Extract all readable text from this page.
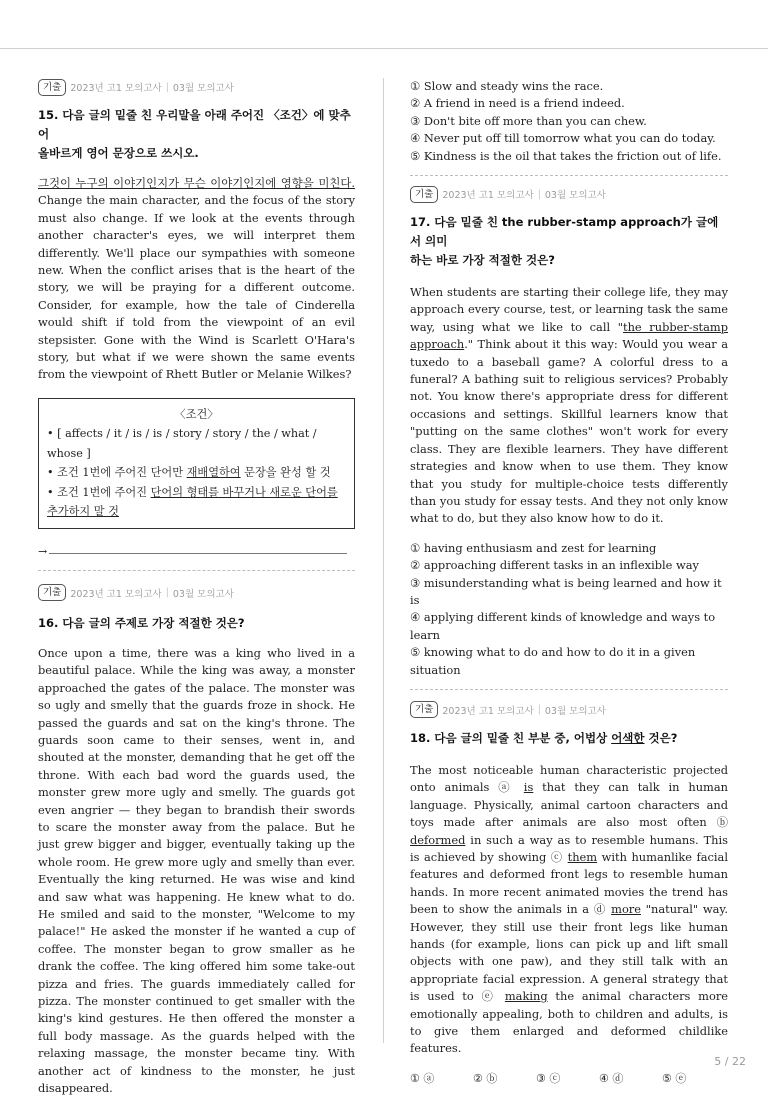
기출 2023년 고1 모의고사 | 03월 모의고사
15. 다음 글의 밑줄 친 우리말을 아래 주어진 〈조건〉에 맞추어
올바르게 영어 문장으로 쓰시오.

그것이 누구의 이야기인지가 무슨 이야기인지에 영향을 미친다. Change the main character, and the focus of the story must also change. If we look at the events through another character's eyes, we will interpret them differently. We'll place our sympathies with someone new. When the conflict arises that is the heart of the story, we will be praying for a different outcome. Consider, for example, how the tale of Cinderella would shift if told from the viewpoint of an evil stepsister. Gone with the Wind is Scarlett O'Hara's story, but what if we were shown the same events from the viewpoint of Rhett Butler or Melanie Wilkes?

〈조건〉
• [ affects / it / is / is / story / story / the / what / whose ]
• 조건 1번에 주어진 단어만 재배열하여 문장을 완성 할 것
• 조건 1번에 주어진 단어의 형태를 바꾸거나 새로운 단어를 추가하지 말 것
→
기출 2023년 고1 모의고사 | 03월 모의고사
16. 다음 글의 주제로 가장 적절한 것은?

Once upon a time, there was a king who lived in a beautiful palace. While the king was away, a monster approached the gates of the palace. The monster was so ugly and smelly that the guards froze in shock. He passed the guards and sat on the king's throne. The guards soon came to their senses, went in, and shouted at the monster, demanding that he get off the throne. With each bad word the guards used, the monster grew more ugly and smelly. The guards got even angrier — they began to brandish their swords to scare the monster away from the palace. But he just grew bigger and bigger, eventually taking up the whole room. He grew more ugly and smelly than ever. Eventually the king returned. He was wise and kind and saw what was happening. He knew what to do. He smiled and said to the monster, "Welcome to my palace!" He asked the monster if he wanted a cup of coffee. The monster began to grow smaller as he drank the coffee. The king offered him some take-out pizza and fries. The guards immediately called for pizza. The monster continued to get smaller with the king's kind gestures. He then offered the monster a full body massage. As the guards helped with the relaxing massage, the monster became tiny. With another act of kindness to the monster, he just disappeared.

① Slow and steady wins the race.
② A friend in need is a friend indeed.
③ Don't bite off more than you can chew.
④ Never put off till tomorrow what you can do today.
⑤ Kindness is the oil that takes the friction out of life.
기출 2023년 고1 모의고사 | 03월 모의고사
17. 다음 밑줄 친 the rubber-stamp approach가 글에서 의미
하는 바로 가장 적절한 것은?

When students are starting their college life, they may approach every course, test, or learning task the same way, using what we like to call "the rubber-stamp approach." Think about it this way: Would you wear a tuxedo to a baseball game? A colorful dress to a funeral? A bathing suit to religious services? Probably not. You know there's appropriate dress for different occasions and settings. Skillful learners know that "putting on the same clothes" won't work for every class. They are flexible learners. They have different strategies and know when to use them. They know that you study for multiple-choice tests differently than you study for essay tests. And they not only know what to do, but they also know how to do it.

① having enthusiasm and zest for learning
② approaching different tasks in an inflexible way
③ misunderstanding what is being learned and how it is
④ applying different kinds of knowledge and ways to learn
⑤ knowing what to do and how to do it in a given situation
기출 2023년 고1 모의고사 | 03월 모의고사
18. 다음 글의 밑줄 친 부분 중, 어법상 어색한 것은?

The most noticeable human characteristic projected onto animals ⓐ is that they can talk in human language. Physically, animal cartoon characters and toys made after animals are also most often ⓑ deformed in such a way as to resemble humans. This is achieved by showing ⓒ them with humanlike facial features and deformed front legs to resemble human hands. In more recent animated movies the trend has been to show the animals in a ⓓ more "natural" way. However, they still use their front legs like human hands (for example, lions can pick up and lift small objects with one paw), and they still talk with an appropriate facial expression. A general strategy that is used to ⓔ making the animal characters more emotionally appealing, both to children and adults, is to give them enlarged and deformed childlike features.

① ⓐ	② ⓑ	③ ⓒ	④ ⓓ	⑤ ⓔ
5 / 22
